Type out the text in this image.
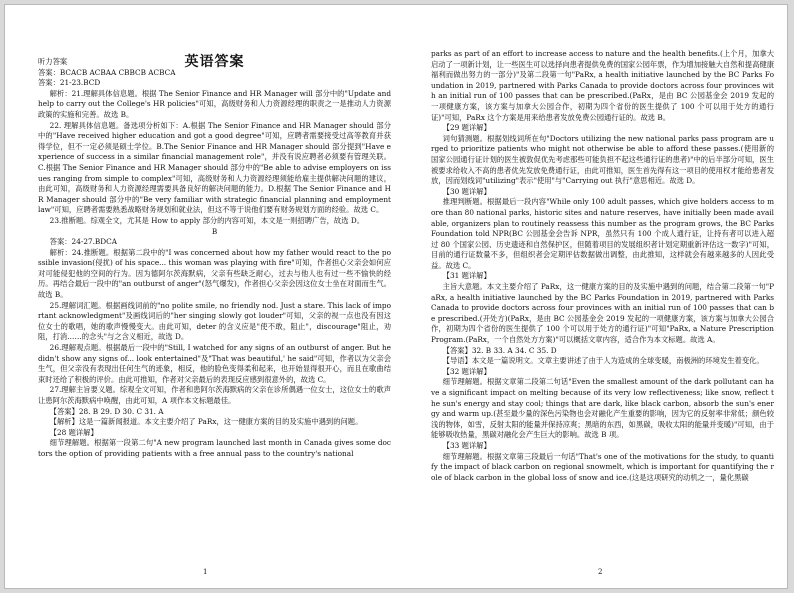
英语答案

听力答案

答案：BCACB ACBAA CBBCB ACBCA

答案：21-23.BCD

解析：21.理解具体信息题。根据 The Senior Finance and HR Manager will 部分中的"Update and help to carry out the College's HR policies"可知，高级财务和人力资源经理的职责之一是推动人力资源政策的实施和完善。故选 B。

22. 理解具体信息题。备选项分析如下：A.根据 The Senior Finance and HR Manager should 部分中的"Have received higher education and got a good degree"可知，应聘者需要接受过高等教育并获得学位，但不一定必须是硕士学位。B.The Senior Finance and HR Manager should 部分提到"Have experience of success in a similar financial management role"，并没有说应聘者必须要有管理关联。C.根据 The Senior Finance and HR Manager should 部分中的"Be able to advise employers on issues ranging from simple to complex"可知，高级财务和人力资源经理须能给雇主提供解决问题的建议，由此可知，高级财务和人力资源经理需要具备良好的解决问题的能力。D.根据 The Senior Finance and HR Manager should 部分中的"Be very familiar with strategic financial planning and employment law"可知，应聘者需要熟悉战略财务规划和就业法，但这不等于说他们要有财务规划方面的经验。故选 C。

23.推断题。综观全文，尤其是 How to apply 部分的内容可知，本文是一则招聘广告，故选 D。

B

答案：24-27.BDCA

解析：24.推断题。根据第二段中的"I was concerned about how my father would react to the possible invasion(侵扰) of his space... this woman was playing with fire"可知，作者担心父亲会如何应对可能侵犯他的空间的行为。因为德阿尔茨海默病，父亲有些缺乏耐心，过去与他人也有过一些不愉快的经历。再结合最后一段中的"an outburst of anger"(怒气爆发)，作者担心父亲会因这位女士坐在对面而生气。故选 B。

25.理解词汇题。根据画线词前的"no polite smile, no friendly nod. Just a stare. This lack of important acknowledgment"及画线词后的"her singing slowly got louder"可知，父亲的视一点也没有因这位女士的歌唱，她的歌声慢慢变大。由此可知，deter 的含义应是"使不敢，阻止"，discourage"阻止，劝阻，打消……的念头"与之含义相近，故选 D。

26.理解观点题。根据最后一段中的"Still, I watched for any signs of an outburst of anger. But he didn't show any signs of... look entertained"及"That was beautiful,' he said"可知，作者以为父亲会生气，但父亲没有表现出任何生气的迹象，相反，他的脸色变得柔和起来，也开始显得很开心，而且在歌曲结束时还给了积极的评价。由此可推知，作者对父亲最后的表现反应感到很意外的，故选 C。

27.理解主旨要义题。综观全文可知，作者和患阿尔茨海默病的父亲在诊所偶遇一位女士，这位女士的歌声让患阿尔茨海默病中唤醒，由此可知，A 项作本文标题最佳。

【答案】28. B 29. D 30. C 31. A

【解析】这是一篇新闻报道。本文主要介绍了 PaRx，这一健康方案的目的及实施中遇到的问题。

【28 题详解】

细节理解题。根据第一段第二句"A new program launched last month in Canada gives some doctors the option of providing patients with a free annual pass to the country's national

parks as part of an effort to increase access to nature and the health benefits.(上个月，加拿大启动了一项新计划，让一些医生可以选择向患者提供免费的国家公园年票，作为增加接触大自然和提高健康福利而做出努力的一部分)"及第二段第一句"PaRx, a health initiative launched by the BC Parks Foundation in 2019, partnered with Parks Canada to provide doctors across four provinces with an initial run of 100 passes that can be prescribed.(PaRx，是由 BC 公园基金会 2019 发起的一项健康方案，该方案与加拿大公园合作，初期为四个省份的医生提供了 100 个可以用于处方的通行证)"可知，PaRx 这个方案是用来给患者发放免费公园通行证的。故选 B。

【29 题详解】

词句猜测题。根据划线词所在句"Doctors utilizing the new national parks pass program are urged to prioritize patients who might not otherwise be able to afford these passes.(使用新的国家公园通行证计划的医生被敦促优先考虑那些可能负担不起这些通行证的患者)"中的后半部分可知，医生被要求给收入不高的患者优先发放免费通行证，由此可推知，医生首先得有这一项目的使用权才能给患者发放，因而划线词"utilizing"表示"使用"与"Carrying out 执行"意思相近。故选 D。

【30 题详解】

推理判断题。根据最后一段内容"While only 100 adult passes, which give holders access to more than 80 national parks, historic sites and nature reserves, have initially been made available, organizers plan to routinely reassess this number as the program grows, the BC Parks Foundation told NPR(BC 公园基金会告诉 NPR，虽然只有 100 个成人通行证，让持有者可以进入超过 80 个国家公园、历史遗迹和自然保护区，但随着项目的发展组织者计划定期重新评估这一数字)"可知，目前的通行证数量不多，但组织者会定期评估数据做出调整，由此推知，这样就会有越来越多的人因此受益。故选 C。

【31 题详解】

主旨大意题。本文主要介绍了 PaRx，这一健康方案的目的及实施中遇到的问题，结合第二段第一句"PaRx, a health initiative launched by the BC Parks Foundation in 2019, partnered with Parks Canada to provide doctors across four provinces with an initial run of 100 passes that can be prescribed.(开处方)(PaRx，是由 BC 公园基金会 2019 发起的一项健康方案，该方案与加拿大公园合作，初期为四个省份的医生提供了 100 个可以用于处方的通行证)"可知"PaRx, a Nature Prescription Program.(PaRx，一个自然处方方案)"可以概括文章内容，适合作为本文标题。故选 A。

【答案】32. B 33. A 34. C 35. D

【导语】本文是一篇说明文。文章主要讲述了由于人为造成的全球变暖，南极洲的环境发生着变化。

【32 题详解】

细节理解题。根据文章第二段第二句话"Even the smallest amount of the dark pollutant can have a significant impact on melting because of its very low reflectiveness; like snow, reflect the sun's energy and stay cool; things that are dark, like black carbon, absorb the sun's energy and warm up.(甚至最少量的深色污染物也会对融化产生重要的影响，因为它的反射率非常低；颜色较浅的物体，如雪，反射太阳的能量并保持凉爽；黑暗的东西，如黑碳，吸收太阳的能量并变暖)"可知，由于能够吸收热量，黑碳对融化会产生巨大的影响。故选 B 项。

【33 题详解】

细节理解题。根据文章第三段最后一句话"That's one of the motivations for the study, to quantify the impact of black carbon on regional snowmelt, which is important for quantifying the role of black carbon in the global loss of snow and ice.(这是这项研究的动机之一，量化黑碳

1	2
